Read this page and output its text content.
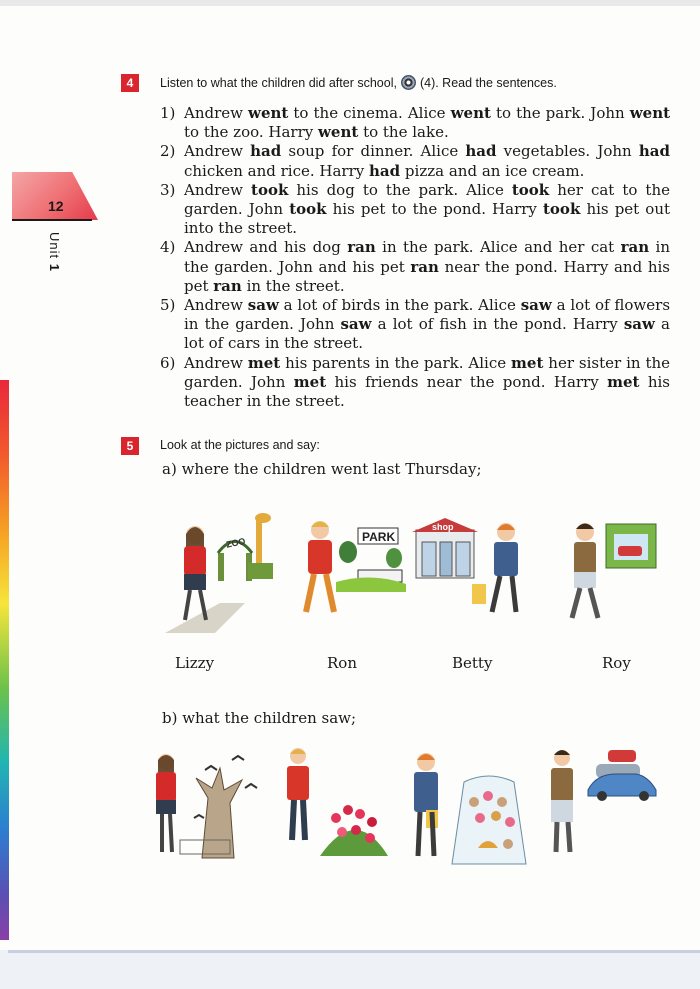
12
Unit 1
4	Listen to what the children did after school, (4). Read the sentences.
1) Andrew went to the cinema. Alice went to the park. John went to the zoo. Harry went to the lake.
2) Andrew had soup for dinner. Alice had vegetables. John had chicken and rice. Harry had pizza and an ice cream.
3) Andrew took his dog to the park. Alice took her cat to the garden. John took his pet to the pond. Harry took his pet out into the street.
4) Andrew and his dog ran in the park. Alice and her cat ran in the garden. John and his pet ran near the pond. Harry and his pet ran in the street.
5) Andrew saw a lot of birds in the park. Alice saw a lot of flowers in the garden. John saw a lot of fish in the pond. Harry saw a lot of cars in the street.
6) Andrew met his parents in the park. Alice met her sister in the garden. John met his friends near the pond. Harry met his teacher in the street.
5	Look at the pictures and say:
a) where the children went last Thursday;
ZOO	PARK
shop
Lizzy	Ron	Betty	Roy
b) what the children saw;
